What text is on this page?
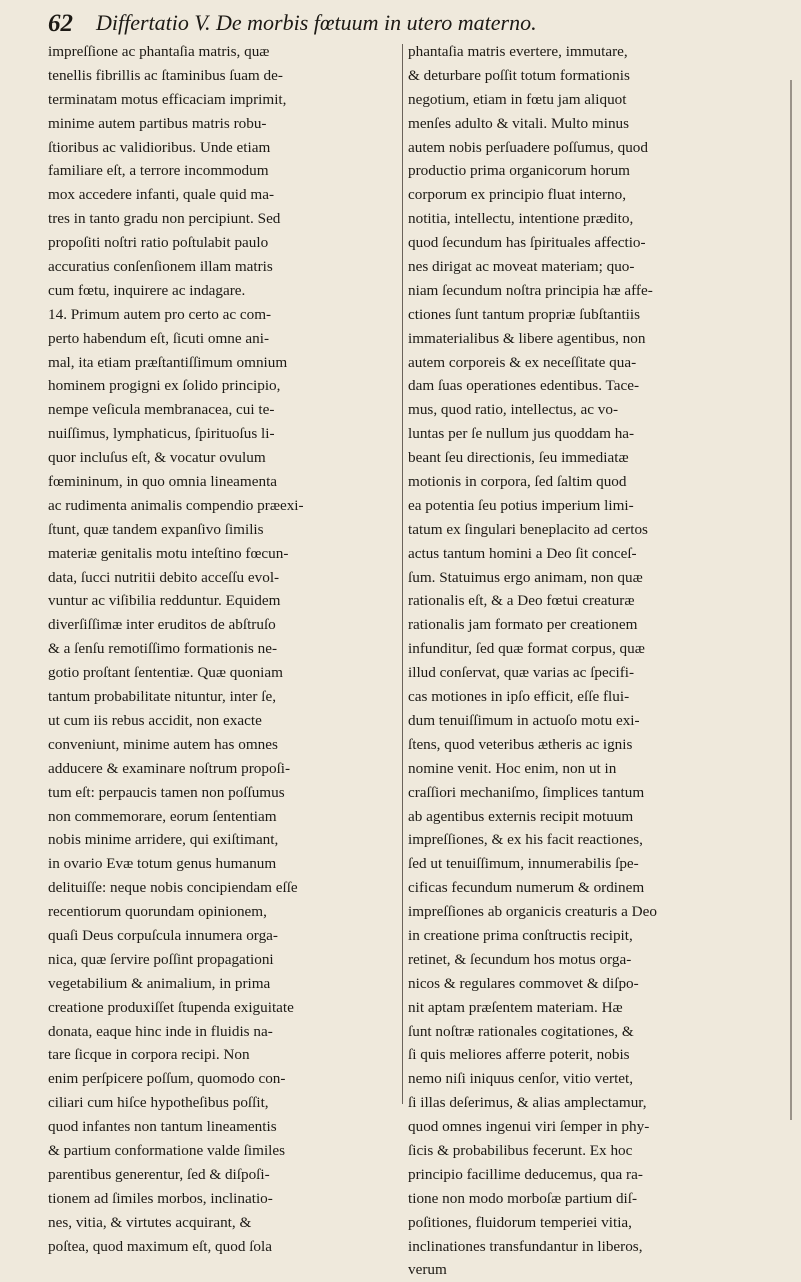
62 Differtatio V. De morbis fœtuum in utero materno.
impreſſione ac phantaſia matris, quæ
tenellis fibrillis ac ſtaminibus ſuam de-
terminatam motus efficaciam imprimit,
minime autem partibus matris robu-
ſtioribus ac validioribus. Unde etiam
familiare eſt, a terrore incommodum
mox accedere infanti, quale quid ma-
tres in tanto gradu non percipiunt. Sed
propoſiti noſtri ratio poſtulabit paulo
accuratius conſenſionem illam matris
cum fœtu, inquirere ac indagare.
14. Primum autem pro certo ac com-
perto habendum eſt, ſicuti omne ani-
mal, ita etiam præſtantiſſimum omnium
hominem progigni ex ſolido principio,
nempe veſicula membranacea, cui te-
nuiſſimus, lymphaticus, ſpirituoſus li-
quor incluſus eſt, & vocatur ovulum
fœmininum, in quo omnia lineamenta
ac rudimenta animalis compendio præexi-
ſtunt, quæ tandem expanſivo ſimilis
materiæ genitalis motu inteſtino fœcun-
data, ſucci nutritii debito acceſſu evol-
vuntur ac viſibilia redduntur. Equidem
diverſiſſimæ inter eruditos de abſtruſo
& a ſenſu remotiſſimo formationis ne-
gotio proſtant ſententiæ. Quæ quoniam
tantum probabilitate nituntur, inter ſe,
ut cum iis rebus accidit, non exacte
conveniunt, minime autem has omnes
adducere & examinare noſtrum propoſi-
tum eſt: perpaucis tamen non poſſumus
non commemorare, eorum ſententiam
nobis minime arridere, qui exiſtimant,
in ovario Evæ totum genus humanum
delituiſſe: neque nobis concipiendam eſſe
recentiorum quorundam opinionem,
quaſi Deus corpuſcula innumera orga-
nica, quæ ſervire poſſint propagationi
vegetabilium & animalium, in prima
creatione produxiſſet ſtupenda exiguitate
donata, eaque hinc inde in fluidis na-
tare ſicque in corpora recipi. Non
enim perſpicere poſſum, quomodo con-
ciliari cum hiſce hypotheſibus poſſit,
quod infantes non tantum lineamentis
& partium conformatione valde ſimiles
parentibus generentur, ſed & diſpoſi-
tionem ad ſimiles morbos, inclinatio-
nes, vitia, & virtutes acquirant, &
poſtea, quod maximum eſt, quod ſola
phantaſia matris evertere, immutare,
& deturbare poſſit totum formationis
negotium, etiam in fœtu jam aliquot
menſes adulto & vitali. Multo minus
autem nobis perſuadere poſſumus, quod
productio prima organicorum horum
corporum ex principio fluat interno,
notitia, intellectu, intentione prædito,
quod ſecundum has ſpirituales affectio-
nes dirigat ac moveat materiam; quo-
niam ſecundum noſtra principia hæ affe-
ctiones ſunt tantum propriæ ſubſtantiis
immaterialibus & libere agentibus, non
autem corporeis & ex neceſſitate qua-
dam ſuas operationes edentibus. Tace-
mus, quod ratio, intellectus, ac vo-
luntas per ſe nullum jus quoddam ha-
beant ſeu directionis, ſeu immediatæ
motionis in corpora, ſed ſaltim quod
ea potentia ſeu potius imperium limi-
tatum ex ſingulari beneplacito ad certos
actus tantum homini a Deo ſit conceſ-
ſum. Statuimus ergo animam, non quæ
rationalis eſt, & a Deo fœtui creaturæ
rationalis jam formato per creationem
infunditur, ſed quæ format corpus, quæ
illud conſervat, quæ varias ac ſpecifi-
cas motiones in ipſo efficit, eſſe flui-
dum tenuiſſimum in actuoſo motu exi-
ſtens, quod veteribus ætheris ac ignis
nomine venit. Hoc enim, non ut in
craſſiori mechaniſmo, ſimplices tantum
ab agentibus externis recipit motuum
impreſſiones, & ex his facit reactiones,
ſed ut tenuiſſimum, innumerabilis ſpe-
cificas fecundum numerum & ordinem
impreſſiones ab organicis creaturis a Deo
in creatione prima conſtructis recipit,
retinet, & ſecundum hos motus orga-
nicos & regulares commovet & diſpo-
nit aptam præſentem materiam. Hæ
ſunt noſtræ rationales cogitationes, &
ſi quis meliores afferre poterit, nobis
nemo niſi iniquus cenſor, vitio vertet,
ſi illas deſerimus, & alias amplectamur,
quod omnes ingenui viri ſemper in phy-
ſicis & probabilibus fecerunt. Ex hoc
principio facillime deducemus, qua ra-
tione non modo morboſæ partium diſ-
poſitiones, fluidorum temperiei vitia,
inclinationes transfundantur in liberos,
verum
